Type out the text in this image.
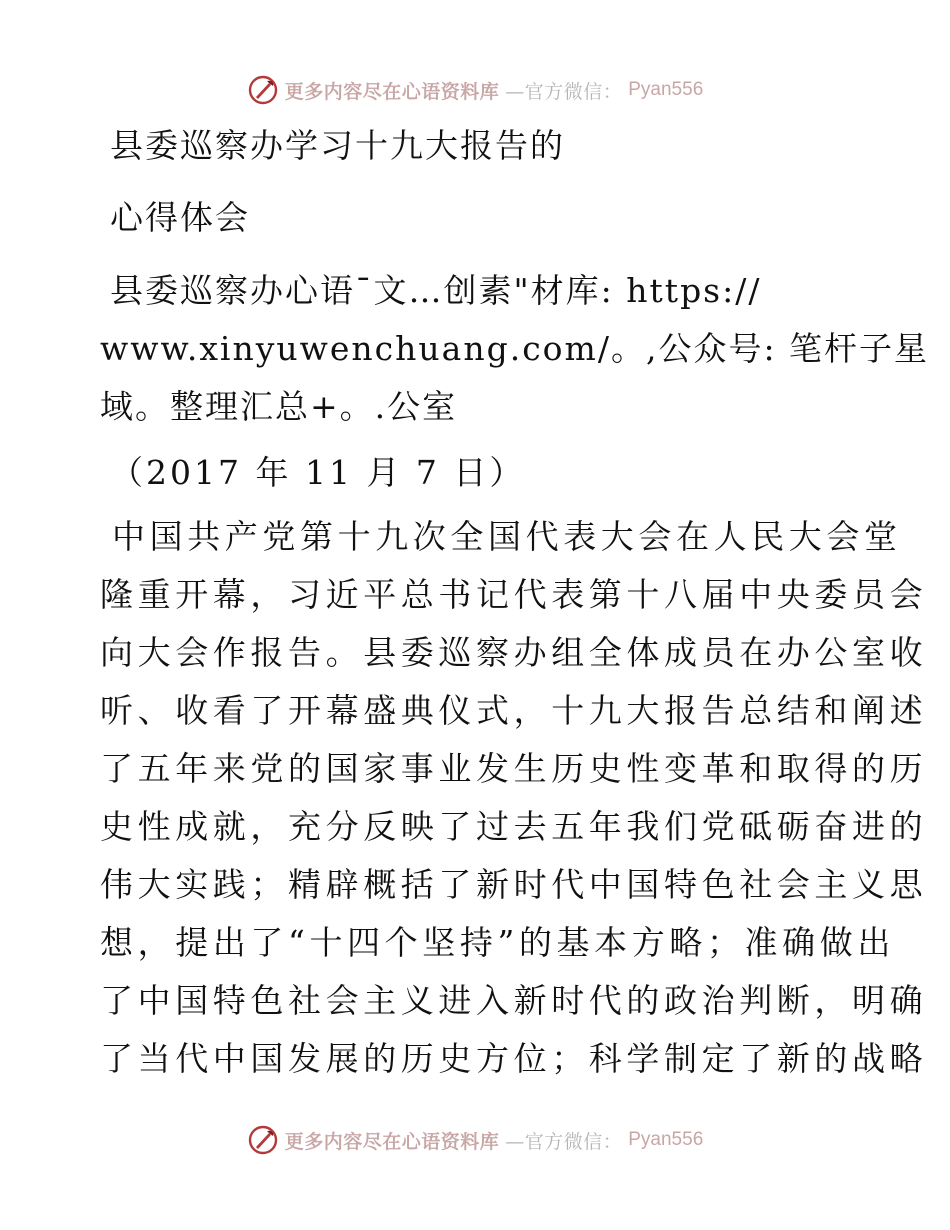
更多内容尽在心语资料库 —官方微信： Pyan556

县委巡察办学习十九大报告的

心得体会

县委巡察办心语¯文…创素"材库: https://

www.xinyuwenchuang.com/。,公众号: 笔杆子星

域。整理汇总+。.公室

（2017 年 11 月 7 日）

中国共产党第十九次全国代表大会在人民大会堂

隆重开幕，习近平总书记代表第十八届中央委员会

向大会作报告。县委巡察办组全体成员在办公室收

听、收看了开幕盛典仪式，十九大报告总结和阐述

了五年来党的国家事业发生历史性变革和取得的历

史性成就，充分反映了过去五年我们党砥砺奋进的

伟大实践；精辟概括了新时代中国特色社会主义思

想，提出了“十四个坚持”的基本方略；准确做出

了中国特色社会主义进入新时代的政治判断，明确

了当代中国发展的历史方位；科学制定了新的战略

更多内容尽在心语资料库 —官方微信： Pyan556
